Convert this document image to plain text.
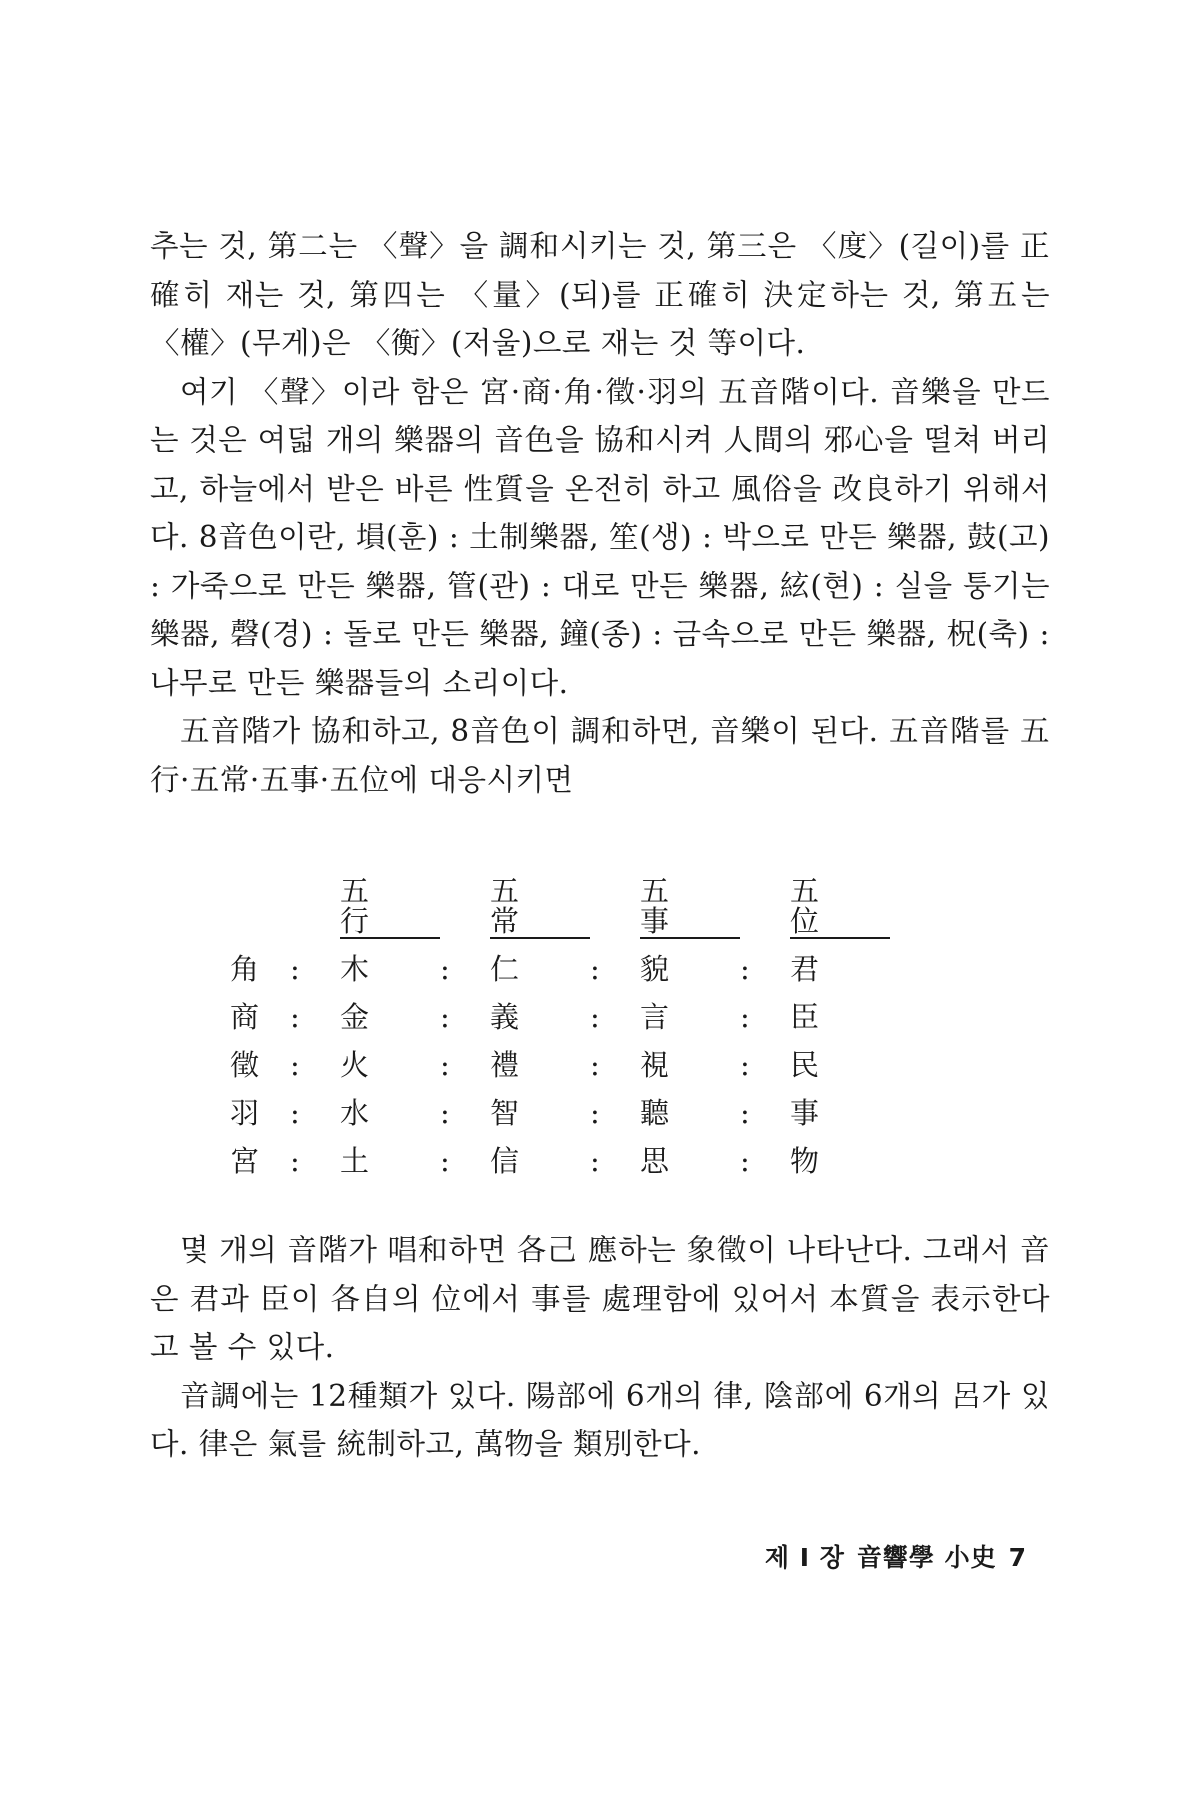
추는 것, 第二는 〈聲〉을 調和시키는 것, 第三은 〈度〉(길이)를 正確히 재는 것, 第四는 〈量〉(되)를 正確히 決定하는 것, 第五는 〈權〉(무게)은 〈衡〉(저울)으로 재는 것 等이다.

여기 〈聲〉이라 함은 宮·商·角·徵·羽의 五音階이다. 音樂을 만드는 것은 여덟 개의 樂器의 音色을 協和시켜 人間의 邪心을 떨쳐 버리고, 하늘에서 받은 바른 性質을 온전히 하고 風俗을 改良하기 위해서다. 8音色이란, 塤(훈) : 土制樂器, 笙(생) : 박으로 만든 樂器, 鼓(고) : 가죽으로 만든 樂器, 管(관) : 대로 만든 樂器, 絃(현) : 실을 퉁기는 樂器, 磬(경) : 돌로 만든 樂器, 鐘(종) : 금속으로 만든 樂器, 柷(축) : 나무로 만든 樂器들의 소리이다.

五音階가 協和하고, 8音色이 調和하면, 音樂이 된다. 五音階를 五行·五常·五事·五位에 대응시키면

		五 行		五 常		五 事		五 位
角	:	木	:	仁	:	貌	:	君
商	:	金	:	義	:	言	:	臣
徵	:	火	:	禮	:	視	:	民
羽	:	水	:	智	:	聽	:	事
宮	:	土	:	信	:	思	:	物

몇 개의 音階가 唱和하면 各己 應하는 象徵이 나타난다. 그래서 音은 君과 臣이 各自의 位에서 事를 處理함에 있어서 本質을 表示한다고 볼 수 있다.

音調에는 12種類가 있다. 陽部에 6개의 律, 陰部에 6개의 呂가 있다. 律은 氣를 統制하고, 萬物을 類別한다.

제 I 장 音響學 小史 7
